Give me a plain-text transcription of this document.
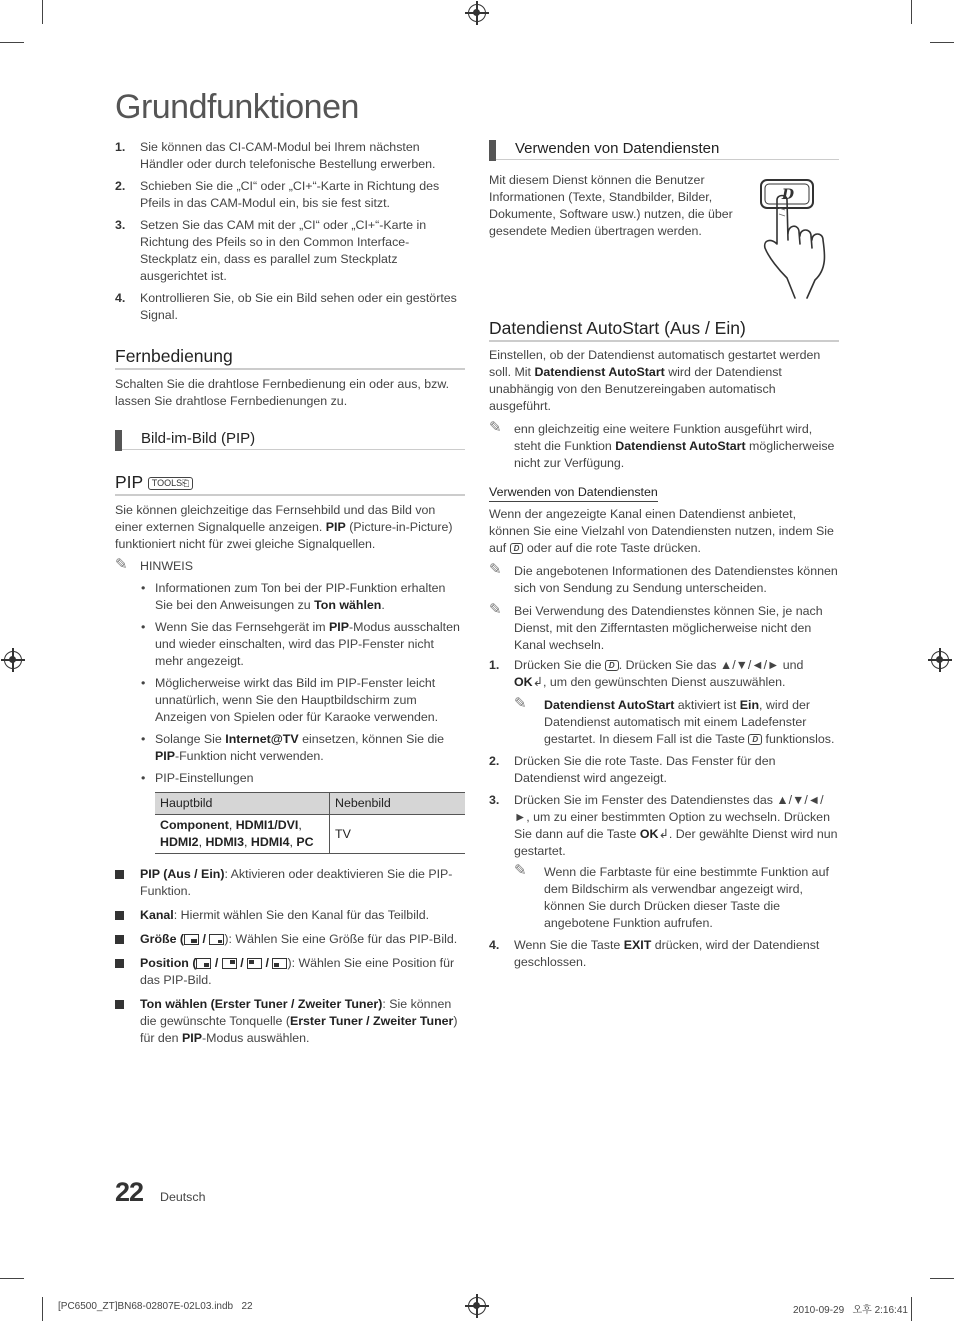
Grundfunktionen
1. Sie können das CI-CAM-Modul bei Ihrem nächsten Händler oder durch telefonische Bestellung erwerben.
2. Schieben Sie die „CI“ oder „CI+“-Karte in Richtung des Pfeils in das CAM-Modul ein, bis sie fest sitzt.
3. Setzen Sie das CAM mit der „CI“ oder „CI+“-Karte in Richtung des Pfeils so in den Common Interface-Steckplatz ein, dass es parallel zum Steckplatz ausgerichtet ist.
4. Kontrollieren Sie, ob Sie ein Bild sehen oder ein gestörtes Signal.
Fernbedienung

Schalten Sie die drahtlose Fernbedienung ein oder aus, bzw. lassen Sie drahtlose Fernbedienungen zu.

Bild-im-Bild (PIP)
PIP TOOLS⎗

Sie können gleichzeitige das Fernsehbild und das Bild von einer externen Signalquelle anzeigen. PIP (Picture-in-Picture) funktioniert nicht für zwei gleiche Signalquellen.

✎ HINWEIS
• Informationen zum Ton bei der PIP-Funktion erhalten Sie bei den Anweisungen zu Ton wählen.
• Wenn Sie das Fernsehgerät im PIP-Modus ausschalten und wieder einschalten, wird das PIP-Fenster nicht mehr angezeigt.
• Möglicherweise wirkt das Bild im PIP-Fenster leicht unnatürlich, wenn Sie den Hauptbildschirm zum Anzeigen von Spielen oder für Karaoke verwenden.
• Solange Sie Internet@TV einsetzen, können Sie die PIP-Funktion nicht verwenden.
• PIP-Einstellungen
Hauptbild	Nebenbild
Component, HDMI1/DVI, HDMI2, HDMI3, HDMI4, PC	TV
PIP (Aus / Ein): Aktivieren oder deaktivieren Sie die PIP-Funktion.
Kanal: Hiermit wählen Sie den Kanal für das Teilbild.
Größe (
/
): Wählen Sie eine Größe für das PIP-Bild.
Position (
/
/
/
): Wählen Sie eine Position für das PIP-Bild.
Ton wählen (Erster Tuner / Zweiter Tuner): Sie können die gewünschte Tonquelle (Erster Tuner / Zweiter Tuner) für den PIP-Modus auswählen.
Verwenden von Datendiensten

Mit diesem Dienst können die Benutzer Informationen (Texte, Standbilder, Bilder, Dokumente, Software usw.) nutzen, die über gesendete Medien übertragen werden.

Datendienst AutoStart (Aus / Ein)

Einstellen, ob der Datendienst automatisch gestartet werden soll. Mit Datendienst AutoStart wird der Datendienst unabhängig von den Benutzereingaben automatisch ausgeführt.

✎ enn gleichzeitig eine weitere Funktion ausgeführt wird, steht die Funktion Datendienst AutoStart möglicherweise nicht zur Verfügung.
Verwenden von Datendiensten

Wenn der angezeigte Kanal einen Datendienst anbietet, können Sie eine Vielzahl von Datendiensten nutzen, indem Sie auf D oder auf die rote Taste drücken.

✎ Die angebotenen Informationen des Datendienstes können sich von Sendung zu Sendung unterscheiden.
✎ Bei Verwendung des Datendienstes können Sie, je nach Dienst, mit den Zifferntasten möglicherweise nicht den Kanal wechseln.
1. Drücken Sie die D . Drücken Sie das ▲/▼/◄/► und OK↲, um den gewünschten Dienst auszuwählen.
✎ Datendienst AutoStart aktiviert ist Ein, wird der Datendienst automatisch mit einem Ladefenster gestartet. In diesem Fall ist die Taste D funktionslos.
2. Drücken Sie die rote Taste. Das Fenster für den Datendienst wird angezeigt.
3. Drücken Sie im Fenster des Datendienstes das ▲/▼/◄/►, um zu einer bestimmten Option zu wechseln. Drücken Sie dann auf die Taste OK↲. Der gewählte Dienst wird nun gestartet.
✎ Wenn die Farbtaste für eine bestimmte Funktion auf dem Bildschirm als verwendbar angezeigt wird, können Sie durch Drücken dieser Taste die angebotene Funktion aufrufen.
4. Wenn Sie die Taste EXIT drücken, wird der Datendienst geschlossen.
D
22 Deutsch
[PC6500_ZT]BN68-02807E-02L03.indb   22	2010-09-29   오후 2:16:41
